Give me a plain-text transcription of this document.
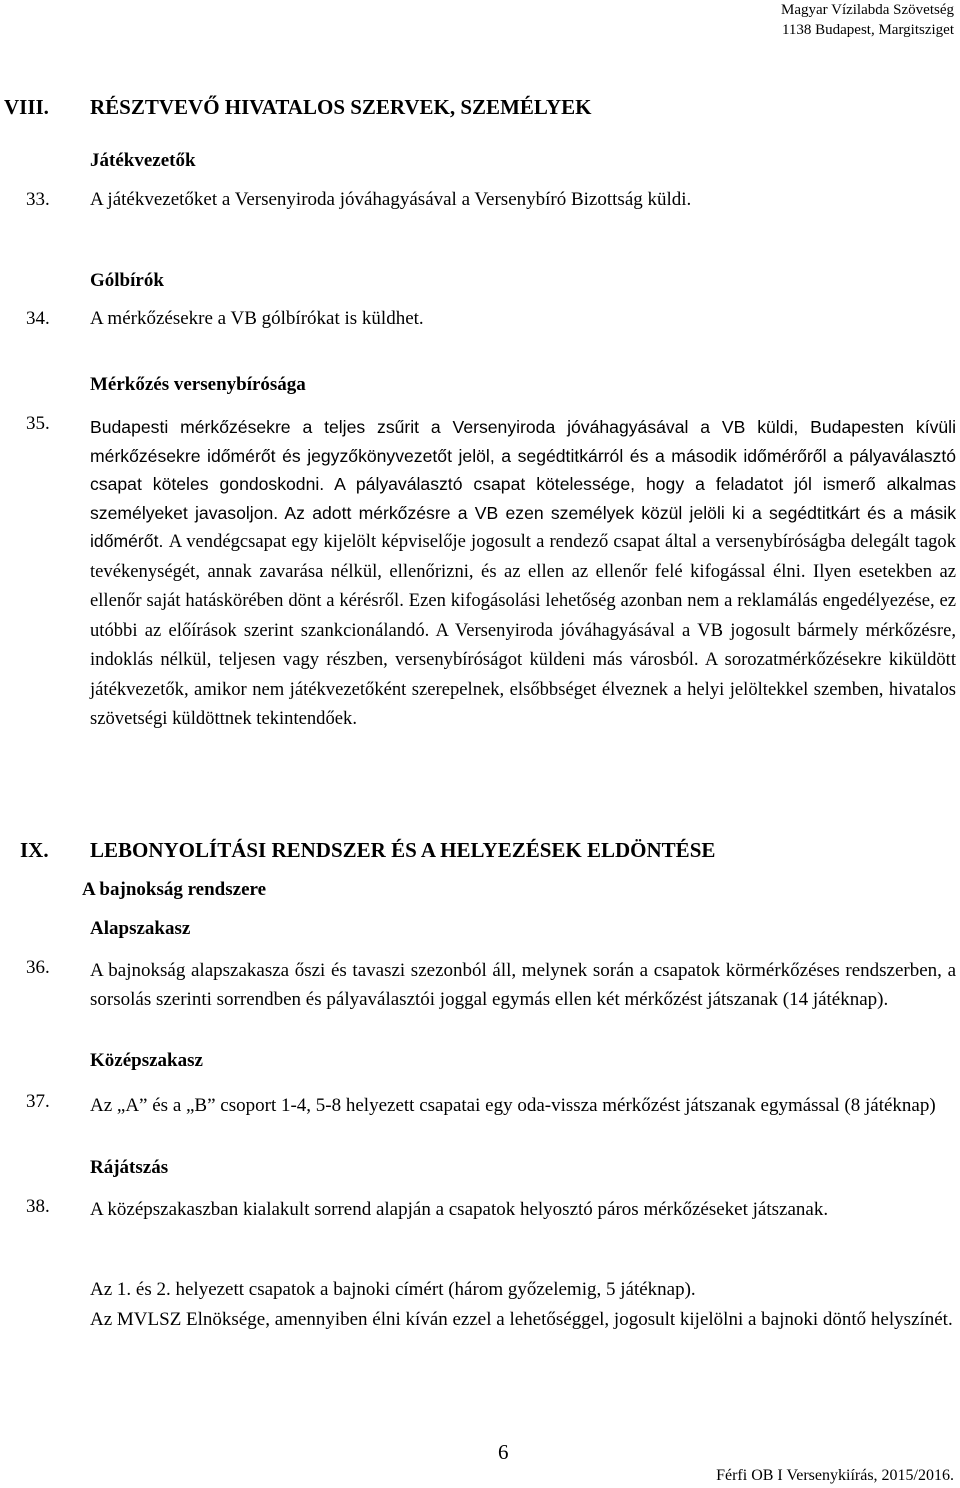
Magyar Vízilabda Szövetség
1138 Budapest, Margitsziget
VIII. RÉSZTVEVŐ HIVATALOS SZERVEK, SZEMÉLYEK
Játékvezetők
33. A játékvezetőket a Versenyiroda jóváhagyásával a Versenybíró Bizottság küldi.
Gólbírók
34. A mérkőzésekre a VB gólbírókat is küldhet.
Mérkőzés versenybírósága
35. Budapesti mérkőzésekre a teljes zsűrit a Versenyiroda jóváhagyásával a VB küldi, Budapesten kívüli mérkőzésekre időmérőt és jegyzőkönyvezetőt jelöl, a segédtitkárról és a második időmérőről a pályaválasztó csapat köteles gondoskodni. A pályaválasztó csapat kötelessége, hogy a feladatot jól ismerő alkalmas személyeket javasoljon. Az adott mérkőzésre a VB ezen személyek közül jelöli ki a segédtitkárt és a másik időmérőt. A vendégcsapat egy kijelölt képviselője jogosult a rendező csapat által a versenybíróságba delegált tagok tevékenységét, annak zavarása nélkül, ellenőrizni, és az ellen az ellenőr felé kifogással élni. Ilyen esetekben az ellenőr saját hatáskörében dönt a kérésről. Ezen kifogásolási lehetőség azonban nem a reklamálás engedélyezése, ez utóbbi az előírások szerint szankcionálandó. A Versenyiroda jóváhagyásával a VB jogosult bármely mérkőzésre, indoklás nélkül, teljesen vagy részben, versenybíróságot küldeni más városból. A sorozatmérkőzésekre kiküldött játékvezetők, amikor nem játékvezetőként szerepelnek, elsőbbséget élveznek a helyi jelöltekkel szemben, hivatalos szövetségi küldöttnek tekintendőek.
IX. LEBONYOLÍTÁSI RENDSZER ÉS A HELYEZÉSEK ELDÖNTÉSE
A bajnokság rendszere
Alapszakasz
36. A bajnokság alapszakasza őszi és tavaszi szezonból áll, melynek során a csapatok körmérkőzéses rendszerben, a sorsolás szerinti sorrendben és pályaválasztói joggal egymás ellen két mérkőzést játszanak (14 játéknap).
Középszakasz
37. Az „A” és a „B” csoport 1-4, 5-8 helyezett csapatai egy oda-vissza mérkőzést játszanak egymással (8 játéknap)
Rájátszás
38. A középszakaszban kialakult sorrend alapján a csapatok helyosztó páros mérkőzéseket játszanak.
Az 1. és 2. helyezett csapatok a bajnoki címért (három győzelemig, 5 játéknap).
Az MVLSZ Elnöksége, amennyiben élni kíván ezzel a lehetőséggel, jogosult kijelölni a bajnoki döntő helyszínét.
6
Férfi OB I Versenykiírás, 2015/2016.
